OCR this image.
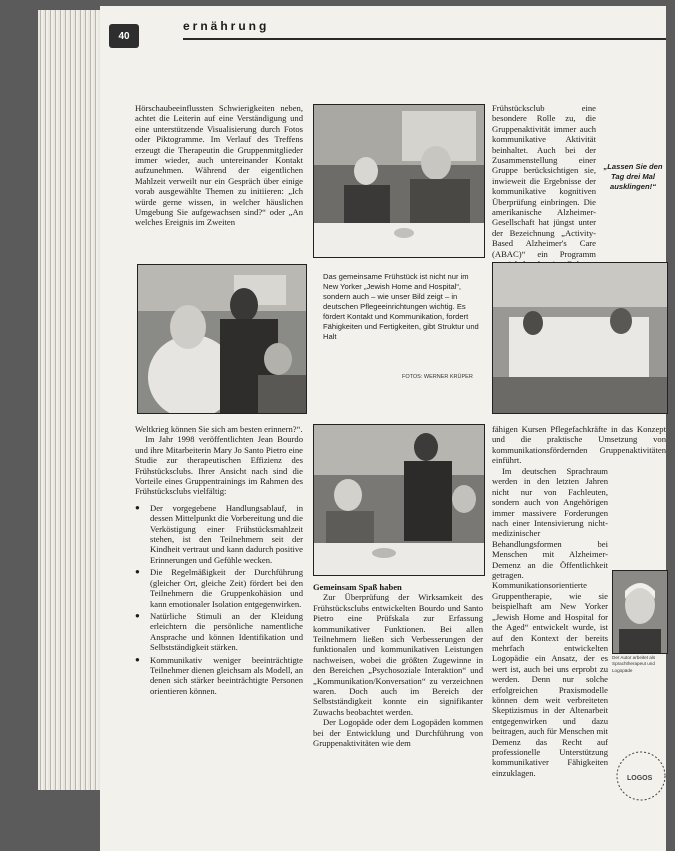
40
ernährung
Hörschaubeeinflussten Schwierigkeiten neben, achtet die Leiterin auf eine Verständigung und eine unterstützende Visualisierung durch Fotos oder Piktogramme. Im Verlauf des Treffens erzeugt die Therapeutin die Gruppenmitglieder immer wieder, auch untereinander Kontakt aufzunehmen. Während der eigentlichen Mahlzeit verweilt nur ein Gespräch über einige vorab ausgewählte Themen zu initiieren: „Ich würde gerne wissen, in welcher häuslichen Umgebung Sie aufgewachsen sind?“ oder „An welches Ereignis im Zweiten

Weltkrieg können Sie sich am besten erinnern?“.

Im Jahr 1998 veröffentlichten Jean Bourdo und ihre Mitarbeiterin Mary Jo Santo Pietro eine Studie zur therapeutischen Effizienz des Frühstücksclubs. Ihrer Ansicht nach sind die Vorteile eines Gruppentrainings im Rahmen des Frühstücksclubs vielfältig:

● Der vorgegebene Handlungsablauf, in dessen Mittelpunkt die Vorbereitung und die Verköstigung einer Frühstücksmahlzeit stehen, ist den Teilnehmern seit der Kindheit vertraut und kann dadurch positive Erinnerungen und Gefühle wecken.
● Die Regelmäßigkeit der Durchführung (gleicher Ort, gleiche Zeit) fördert bei den Teilnehmern die Gruppenkohäsion und kann emotionaler Isolation entgegenwirken.
● Natürliche Stimuli an der Kleidung erleichtern die persönliche namentliche Ansprache und können Identifikation und Selbstständigkeit stärken.
● Kommunikativ weniger beeinträchtigte Teilnehmer dienen gleichsam als Modell, an denen sich stärker beeinträchtigte Personen orientieren können.
Das gemeinsame Frühstück ist nicht nur im New Yorker „Jewish Home and Hospital“, sondern auch – wie unser Bild zeigt – in deutschen Pflegeeinrichtungen wichtig. Es fördert Kontakt und Kommunikation, fordert Fähigkeiten und Fertigkeiten, gibt Struktur und Halt
FOTOS: WERNER KRÜPER

Gemeinsam Spaß haben

Zur Überprüfung der Wirksamkeit des Frühstücksclubs entwickelten Bourdo und Santo Pietro eine Prüfskala zur Erfassung kommunikativer Funktionen. Bei allen Teilnehmern ließen sich Verbesserungen der funktionalen und kommunikativen Leistungen nachweisen, wobei die größten Zugewinne in den Bereichen „Psychosoziale Interaktion“ und „Kommunikation/Konversation“ zu verzeichnen waren. Doch auch im Bereich der Selbstständigkeit konnte ein signifikanter Zuwachs beobachtet werden.

Der Logopäde oder dem Logopäden kommen bei der Entwicklung und Durchführung von Gruppenaktivitäten wie dem

Frühstücksclub eine besondere Rolle zu, die Gruppenaktivität immer auch kommunikative Aktivität beinhaltet. Auch bei der Zusammenstellung einer Gruppe berücksichtigen sie, inwieweit die Ergebnisse der kommunikative kognitiven Überprüfung einbringen. Die amerikanische Alzheimer-Gesellschaft hat jüngst unter der Bezeichnung „Activity-Based Alzheimer's Care (ABAC)“ ein Programm
„Lassen Sie den Tag drei Mal ausklingen!“

fähigen Kursen Pflegefachkräfte in das Konzept und die praktische Umsetzung von kommunikationsfördernden Gruppenaktivitäten einführt.

Im deutschen Sprachraum werden in den letzten Jahren nicht nur von Fachleuten, sondern auch von Angehörigen immer massivere Forderungen nach einer Intensivierung nicht-medizinischer Behandlungsformen bei Menschen mit Alzheimer-Demenz an die Öffentlichkeit getragen. Kommunikationsorientierte Gruppentherapie, wie sie beispielhaft am New Yorker „Jewish Home and Hospital for the Aged“ entwickelt wurde, ist auf den Kontext der bereits mehrfach entwickelten Logopädie ein Ansatz, der es wert ist, auch bei uns erprobt zu werden. Denn nur solche erfolgreichen Praxismodelle können dem weit verbreiteten Skeptizismus in der Altenarbeit entgegenwirken und dazu beitragen, auch für Menschen mit Demenz das Recht auf professionelle Unterstützung kommunikativer Fähigkeiten einzuklagen.

Der Autor arbeitet als Sprachtherapeut und Logopäde
LOGOS
